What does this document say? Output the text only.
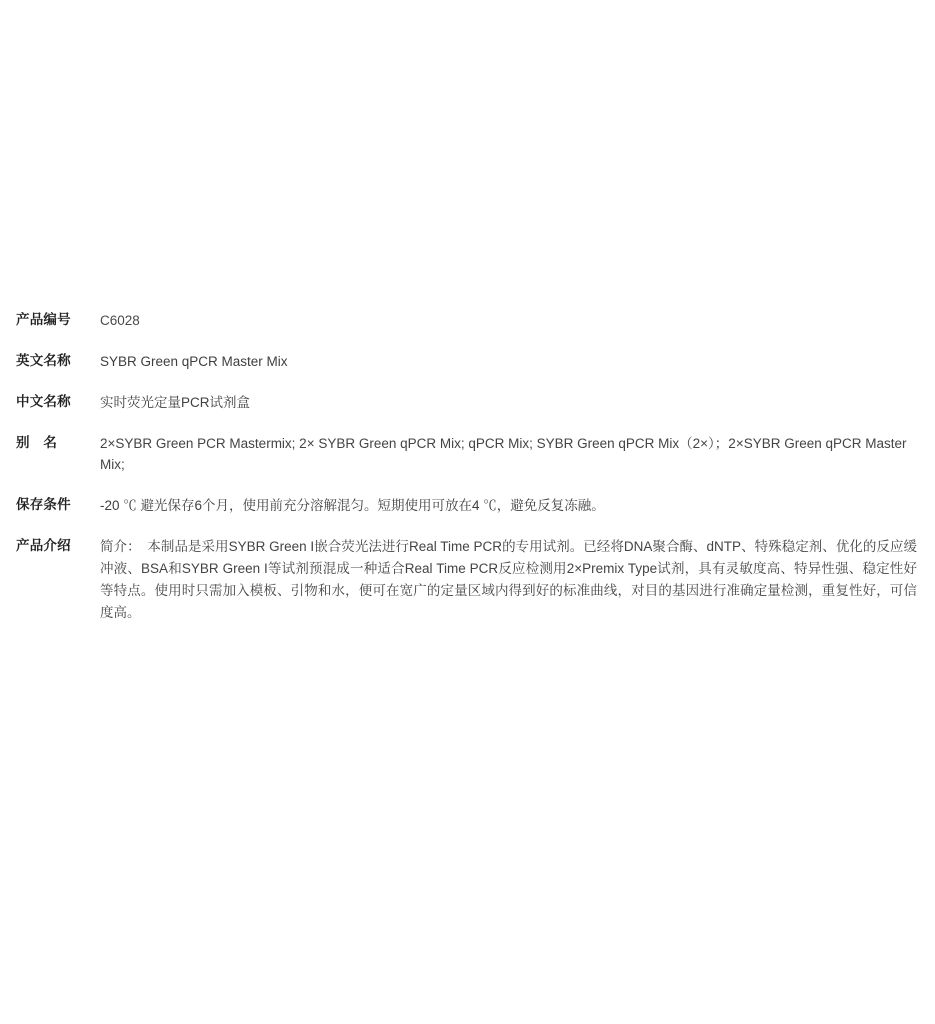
产品编号	C6028
英文名称	SYBR Green qPCR Master Mix
中文名称	实时荧光定量PCR试剂盒
别　名	2×SYBR Green PCR Mastermix; 2× SYBR Green qPCR Mix; qPCR Mix; SYBR Green qPCR Mix（2×）；2×SYBR Green qPCR Master Mix;
保存条件	-20 ℃ 避光保存6个月，使用前充分溶解混匀。短期使用可放在4 ℃，避免反复冻融。
产品介绍	简介：　本制品是采用SYBR Green I嵌合荧光法进行Real Time PCR的专用试剂。已经将DNA聚合酶、dNTP、特殊稳定剂、优化的反应缓冲液、BSA和SYBR Green I等试剂预混成一种适合Real Time PCR反应检测用2×Premix Type试剂，具有灵敏度高、特异性强、稳定性好等特点。使用时只需加入模板、引物和水，便可在宽广的定量区域内得到好的标准曲线，对目的基因进行准确定量检测，重复性好，可信度高。
